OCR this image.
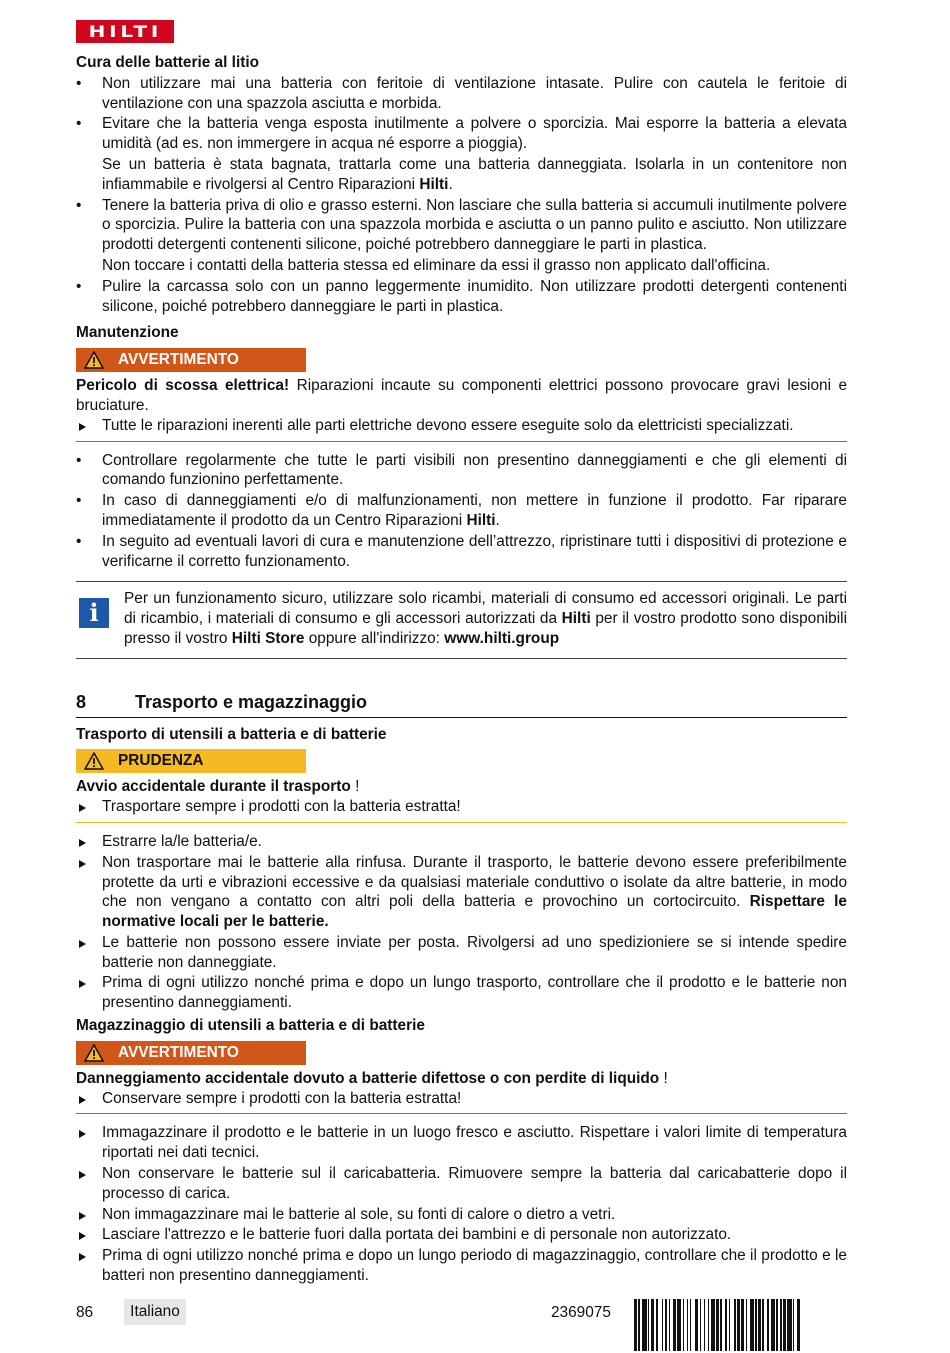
HILTI
Cura delle batterie al litio
• Non utilizzare mai una batteria con feritoie di ventilazione intasate. Pulire con cautela le feritoie di ventilazione con una spazzola asciutta e morbida.
• Evitare che la batteria venga esposta inutilmente a polvere o sporcizia. Mai esporre la batteria a elevata umidità (ad es. non immergere in acqua né esporre a pioggia).
Se un batteria è stata bagnata, trattarla come una batteria danneggiata. Isolarla in un contenitore non infiammabile e rivolgersi al Centro Riparazioni Hilti.
• Tenere la batteria priva di olio e grasso esterni. Non lasciare che sulla batteria si accumuli inutilmente polvere o sporcizia. Pulire la batteria con una spazzola morbida e asciutta o un panno pulito e asciutto. Non utilizzare prodotti detergenti contenenti silicone, poiché potrebbero danneggiare le parti in plastica.
Non toccare i contatti della batteria stessa ed eliminare da essi il grasso non applicato dall'officina.
• Pulire la carcassa solo con un panno leggermente inumidito. Non utilizzare prodotti detergenti contenenti silicone, poiché potrebbero danneggiare le parti in plastica.
Manutenzione
AVVERTIMENTO

Pericolo di scossa elettrica! Riparazioni incaute su componenti elettrici possono provocare gravi lesioni e bruciature.

Tutte le riparazioni inerenti alle parti elettriche devono essere eseguite solo da elettricisti specializzati.
• Controllare regolarmente che tutte le parti visibili non presentino danneggiamenti e che gli elementi di comando funzionino perfettamente.
• In caso di danneggiamenti e/o di malfunzionamenti, non mettere in funzione il prodotto. Far riparare immediatamente il prodotto da un Centro Riparazioni Hilti.
• In seguito ad eventuali lavori di cura e manutenzione dell’attrezzo, ripristinare tutti i dispositivi di protezione e verificarne il corretto funzionamento.
i	Per un funzionamento sicuro, utilizzare solo ricambi, materiali di consumo ed accessori originali. Le parti di ricambio, i materiali di consumo e gli accessori autorizzati da Hilti per il vostro prodotto sono disponibili presso il vostro Hilti Store oppure all'indirizzo: www.hilti.group
8	Trasporto e magazzinaggio
Trasporto di utensili a batteria e di batterie
PRUDENZA

Avvio accidentale durante il trasporto !

Trasportare sempre i prodotti con la batteria estratta!
Estrarre la/le batteria/e.
Non trasportare mai le batterie alla rinfusa. Durante il trasporto, le batterie devono essere preferibilmente protette da urti e vibrazioni eccessive e da qualsiasi materiale conduttivo o isolate da altre batterie, in modo che non vengano a contatto con altri poli della batteria e provochino un cortocircuito. Rispettare le normative locali per le batterie.
Le batterie non possono essere inviate per posta. Rivolgersi ad uno spedizioniere se si intende spedire batterie non danneggiate.
Prima di ogni utilizzo nonché prima e dopo un lungo trasporto, controllare che il prodotto e le batterie non presentino danneggiamenti.
Magazzinaggio di utensili a batteria e di batterie
AVVERTIMENTO

Danneggiamento accidentale dovuto a batterie difettose o con perdite di liquido !

Conservare sempre i prodotti con la batteria estratta!
Immagazzinare il prodotto e le batterie in un luogo fresco e asciutto. Rispettare i valori limite di temperatura riportati nei dati tecnici.
Non conservare le batterie sul il caricabatteria. Rimuovere sempre la batteria dal caricabatterie dopo il processo di carica.
Non immagazzinare mai le batterie al sole, su fonti di calore o dietro a vetri.
Lasciare l'attrezzo e le batterie fuori dalla portata dei bambini e di personale non autorizzato.
Prima di ogni utilizzo nonché prima e dopo un lungo periodo di magazzinaggio, controllare che il prodotto e le batteri non presentino danneggiamenti.
86	Italiano	2369075
